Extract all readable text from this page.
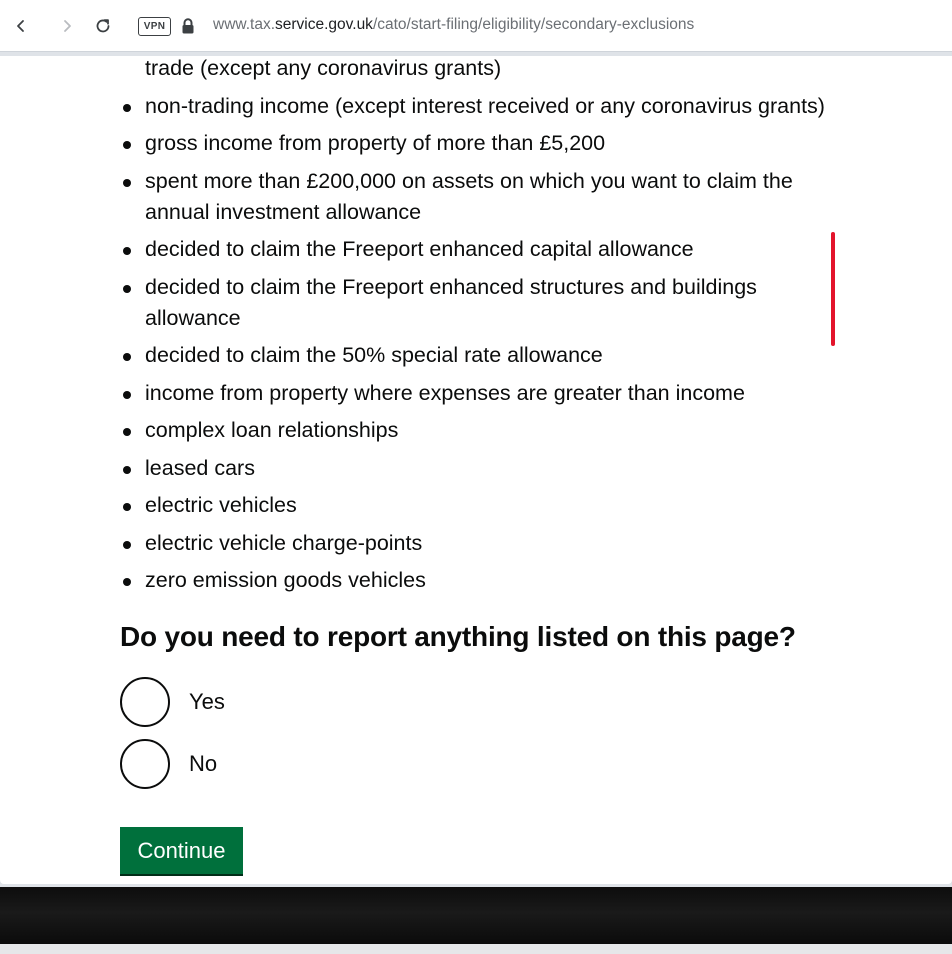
VPN	www.tax.service.gov.uk/cato/start-filing/eligibility/secondary-exclusions
trade (except any coronavirus grants)
non-trading income (except interest received or any coronavirus grants)
gross income from property of more than £5,200
spent more than £200,000 on assets on which you want to claim the annual investment allowance
decided to claim the Freeport enhanced capital allowance
decided to claim the Freeport enhanced structures and buildings allowance
decided to claim the 50% special rate allowance
income from property where expenses are greater than income
complex loan relationships
leased cars
electric vehicles
electric vehicle charge-points
zero emission goods vehicles
Do you need to report anything listed on this page?
Yes
No
Continue
